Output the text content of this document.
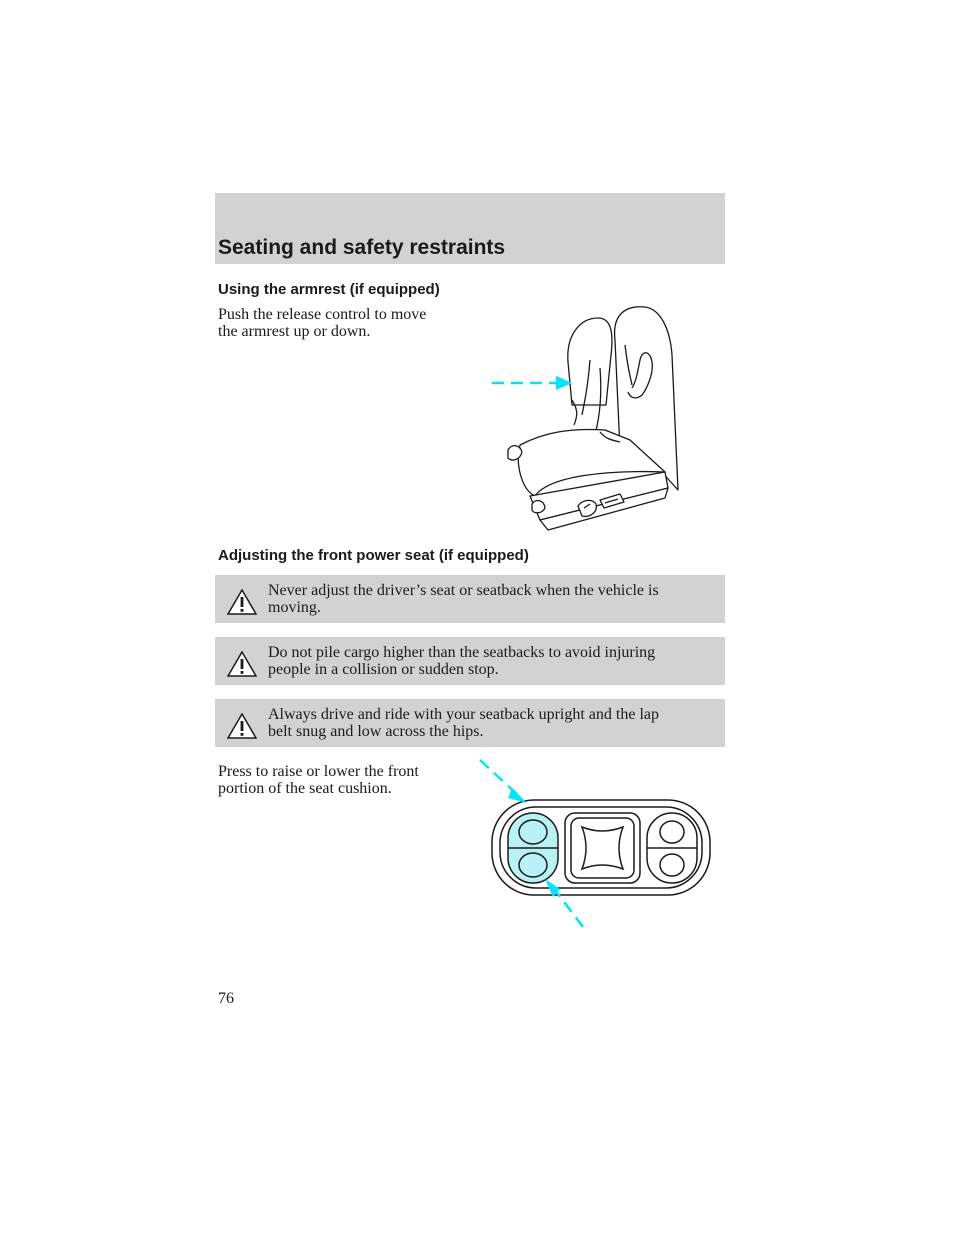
Seating and safety restraints
Using the armrest (if equipped)
Push the release control to move
the armrest up or down.
Adjusting the front power seat (if equipped)
Never adjust the driver’s seat or seatback when the vehicle is
moving.
Do not pile cargo higher than the seatbacks to avoid injuring
people in a collision or sudden stop.
Always drive and ride with your seatback upright and the lap
belt snug and low across the hips.
Press to raise or lower the front
portion of the seat cushion.
76
